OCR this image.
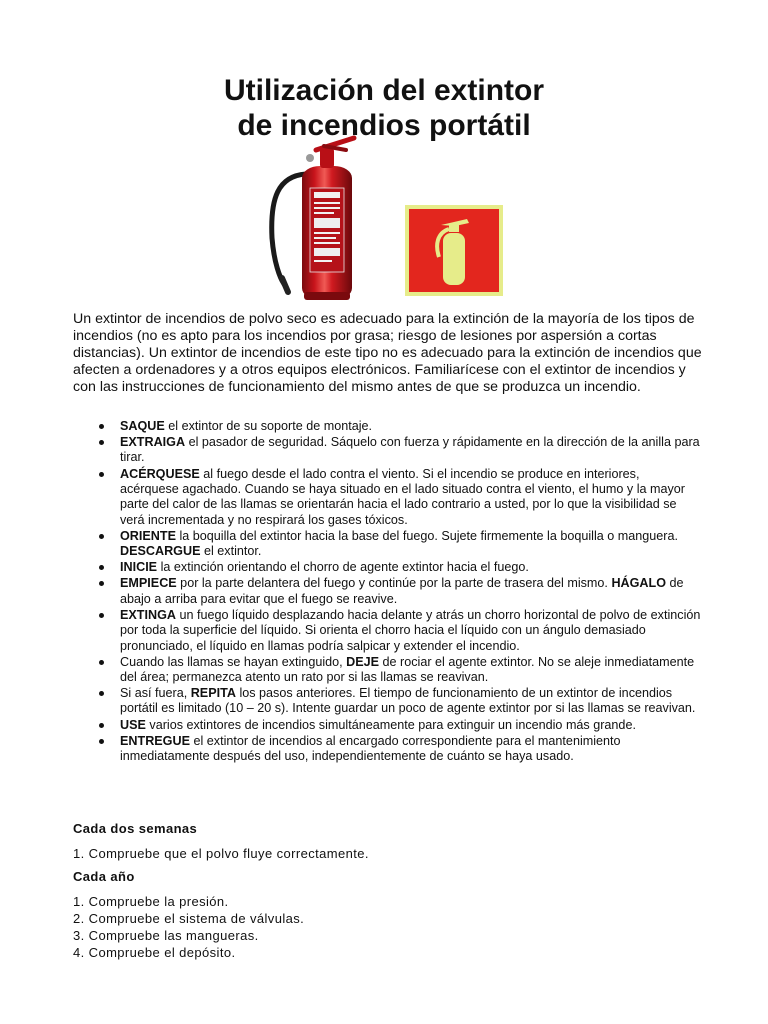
Utilización del extintor
de incendios portátil

Un extintor de incendios de polvo seco es adecuado para la extinción de la mayoría de los tipos de incendios (no es apto para los incendios por grasa; riesgo de lesiones por aspersión a cortas distancias). Un extintor de incendios de este tipo no es adecuado para la extinción de incendios que afecten a ordenadores y a otros equipos electrónicos. Familiarícese con el extintor de incendios y con las instrucciones de funcionamiento del mismo antes de que se produzca un incendio.

SAQUE el extintor de su soporte de montaje.
EXTRAIGA el pasador de seguridad. Sáquelo con fuerza y rápidamente en la dirección de la anilla para tirar.
ACÉRQUESE al fuego desde el lado contra el viento. Si el incendio se produce en interiores, acérquese agachado. Cuando se haya situado en el lado situado contra el viento, el humo y la mayor parte del calor de las llamas se orientarán hacia el lado contrario a usted, por lo que la visibilidad se verá incrementada y no respirará los gases tóxicos.
ORIENTE la boquilla del extintor hacia la base del fuego. Sujete firmemente la boquilla o manguera. DESCARGUE el extintor.
INICIE la extinción orientando el chorro de agente extintor hacia el fuego.
EMPIECE por la parte delantera del fuego y continúe por la parte de trasera del mismo. HÁGALO de abajo a arriba para evitar que el fuego se reavive.
EXTINGA un fuego líquido desplazando hacia delante y atrás un chorro horizontal de polvo de extinción por toda la superficie del líquido. Si orienta el chorro hacia el líquido con un ángulo demasiado pronunciado, el líquido en llamas podría salpicar y extender el incendio.
Cuando las llamas se hayan extinguido, DEJE de rociar el agente extintor. No se aleje inmediatamente del área; permanezca atento un rato por si las llamas se reavivan.
Si así fuera, REPITA los pasos anteriores. El tiempo de funcionamiento de un extintor de incendios portátil es limitado (10 – 20 s). Intente guardar un poco de agente extintor por si las llamas se reavivan.
USE varios extintores de incendios simultáneamente para extinguir un incendio más grande.
ENTREGUE el extintor de incendios al encargado correspondiente para el mantenimiento inmediatamente después del uso, independientemente de cuánto se haya usado.
Cada dos semanas
1. Compruebe que el polvo fluye correctamente.
Cada año
1. Compruebe la presión.
2. Compruebe el sistema de válvulas.
3. Compruebe las mangueras.
4. Compruebe el depósito.
